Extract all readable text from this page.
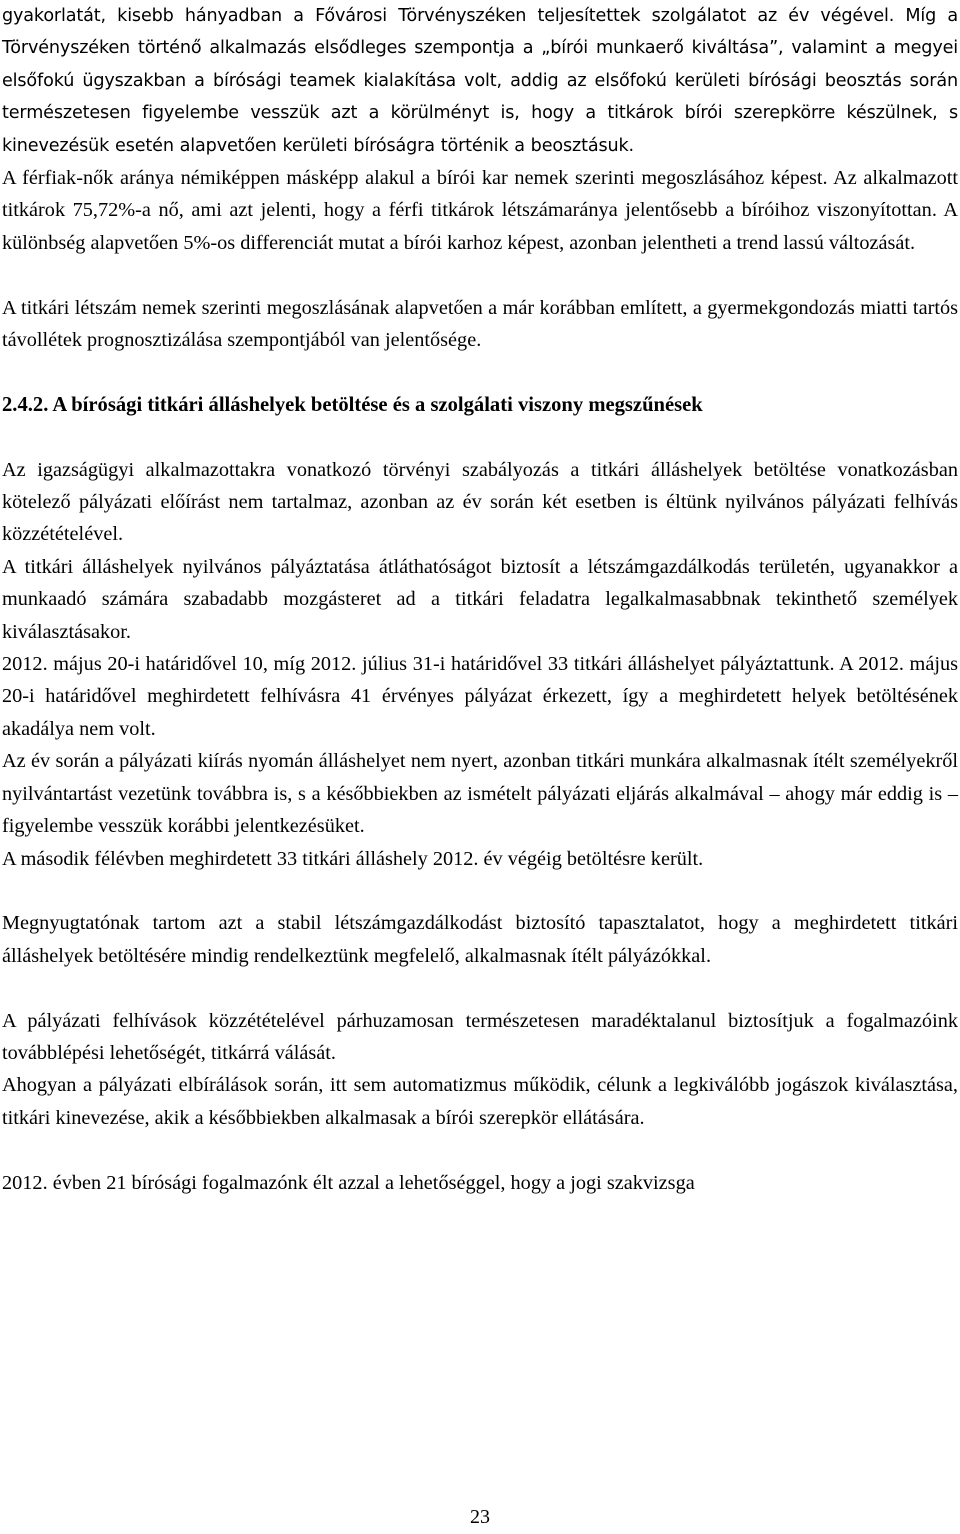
gyakorlatát, kisebb hányadban a Fővárosi Törvényszéken teljesítettek szolgálatot az év végével. Míg a Törvényszéken történő alkalmazás elsődleges szempontja a „bírói munkaerő kiváltása”, valamint a megyei elsőfokú ügyszakban a bírósági teamek kialakítása volt, addig az elsőfokú kerületi bírósági beosztás során természetesen figyelembe vesszük azt a körülményt is, hogy a titkárok bírói szerepkörre készülnek, s kinevezésük esetén alapvetően kerületi bíróságra történik a beosztásuk.

A férfiak-nők aránya némiképpen másképp alakul a bírói kar nemek szerinti megoszlásához képest. Az alkalmazott titkárok 75,72%-a nő, ami azt jelenti, hogy a férfi titkárok létszámaránya jelentősebb a bíróihoz viszonyítottan. A különbség alapvetően 5%-os differenciát mutat a bírói karhoz képest, azonban jelentheti a trend lassú változását.

A titkári létszám nemek szerinti megoszlásának alapvetően a már korábban említett, a gyermekgondozás miatti tartós távollétek prognosztizálása szempontjából van jelentősége.

2.4.2. A bírósági titkári álláshelyek betöltése és a szolgálati viszony megszűnések

Az igazságügyi alkalmazottakra vonatkozó törvényi szabályozás a titkári álláshelyek betöltése vonatkozásban kötelező pályázati előírást nem tartalmaz, azonban az év során két esetben is éltünk nyilvános pályázati felhívás közzétételével.

A titkári álláshelyek nyilvános pályáztatása átláthatóságot biztosít a létszámgazdálkodás területén, ugyanakkor a munkaadó számára szabadabb mozgásteret ad a titkári feladatra legalkalmasabbnak tekinthető személyek kiválasztásakor.

2012. május 20-i határidővel 10, míg 2012. július 31-i határidővel 33 titkári álláshelyet pályáztattunk. A 2012. május 20-i határidővel meghirdetett felhívásra 41 érvényes pályázat érkezett, így a meghirdetett helyek betöltésének akadálya nem volt.

Az év során a pályázati kiírás nyomán álláshelyet nem nyert, azonban titkári munkára alkalmasnak ítélt személyekről nyilvántartást vezetünk továbbra is, s a későbbiekben az ismételt pályázati eljárás alkalmával – ahogy már eddig is – figyelembe vesszük korábbi jelentkezésüket.

A második félévben meghirdetett 33 titkári álláshely 2012. év végéig betöltésre került.

Megnyugtatónak tartom azt a stabil létszámgazdálkodást biztosító tapasztalatot, hogy a meghirdetett titkári álláshelyek betöltésére mindig rendelkeztünk megfelelő, alkalmasnak ítélt pályázókkal.

A pályázati felhívások közzétételével párhuzamosan természetesen maradéktalanul biztosítjuk a fogalmazóink továbblépési lehetőségét, titkárrá válását.

Ahogyan a pályázati elbírálások során, itt sem automatizmus működik, célunk a legkiválóbb jogászok kiválasztása, titkári kinevezése, akik a későbbiekben alkalmasak a bírói szerepkör ellátására.

2012. évben 21 bírósági fogalmazónk élt azzal a lehetőséggel, hogy a jogi szakvizsga

23
